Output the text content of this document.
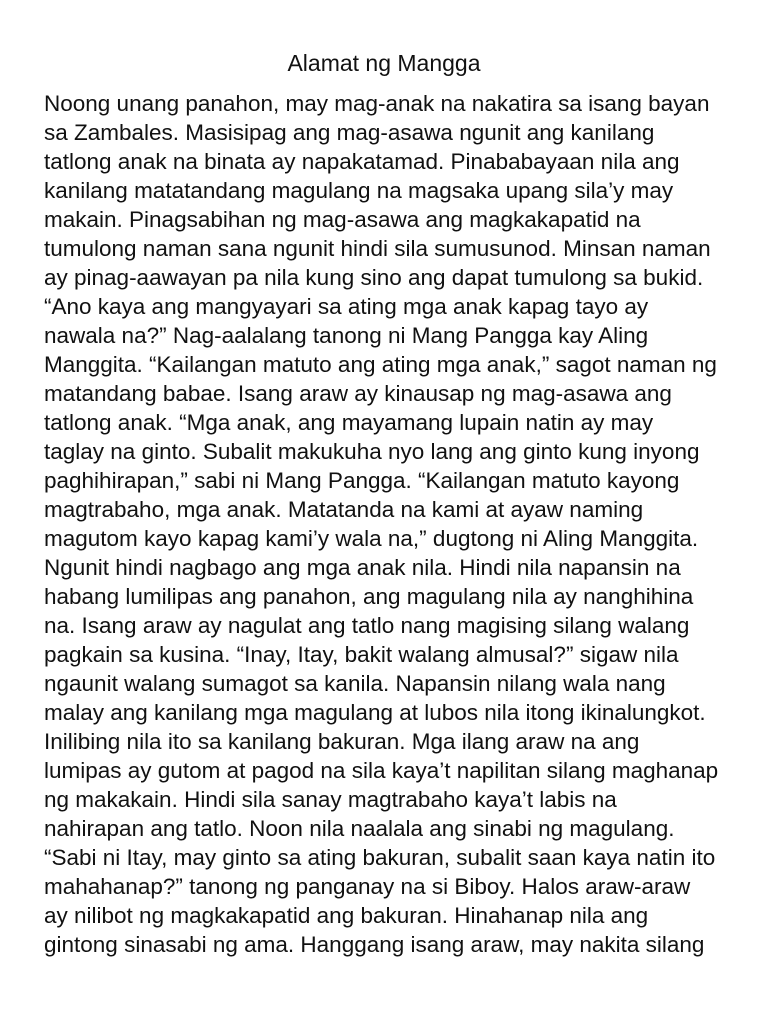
Alamat ng Mangga
Noong unang panahon, may mag-anak na nakatira sa isang bayan
sa Zambales. Masisipag ang mag-asawa ngunit ang kanilang
tatlong anak na binata ay napakatamad. Pinababayaan nila ang
kanilang matatandang magulang na magsaka upang sila’y may
makain. Pinagsabihan ng mag-asawa ang magkakapatid na
tumulong naman sana ngunit hindi sila sumusunod. Minsan naman
ay pinag-aawayan pa nila kung sino ang dapat tumulong sa bukid.
“Ano kaya ang mangyayari sa ating mga anak kapag tayo ay
nawala na?” Nag-aalalang tanong ni Mang Pangga kay Aling
Manggita. “Kailangan matuto ang ating mga anak,” sagot naman ng
matandang babae. Isang araw ay kinausap ng mag-asawa ang
tatlong anak. “Mga anak, ang mayamang lupain natin ay may
taglay na ginto. Subalit makukuha nyo lang ang ginto kung inyong
paghihirapan,” sabi ni Mang Pangga. “Kailangan matuto kayong
magtrabaho, mga anak. Matatanda na kami at ayaw naming
magutom kayo kapag kami’y wala na,” dugtong ni Aling Manggita.
Ngunit hindi nagbago ang mga anak nila. Hindi nila napansin na
habang lumilipas ang panahon, ang magulang nila ay nanghihina
na. Isang araw ay nagulat ang tatlo nang magising silang walang
pagkain sa kusina. “Inay, Itay, bakit walang almusal?” sigaw nila
ngaunit walang sumagot sa kanila. Napansin nilang wala nang
malay ang kanilang mga magulang at lubos nila itong ikinalungkot.
Inilibing nila ito sa kanilang bakuran. Mga ilang araw na ang
lumipas ay gutom at pagod na sila kaya’t napilitan silang maghanap
ng makakain. Hindi sila sanay magtrabaho kaya’t labis na
nahirapan ang tatlo. Noon nila naalala ang sinabi ng magulang.
“Sabi ni Itay, may ginto sa ating bakuran, subalit saan kaya natin ito
mahahanap?” tanong ng panganay na si Biboy. Halos araw-araw
ay nilibot ng magkakapatid ang bakuran. Hinahanap nila ang
gintong sinasabi ng ama. Hanggang isang araw, may nakita silang
